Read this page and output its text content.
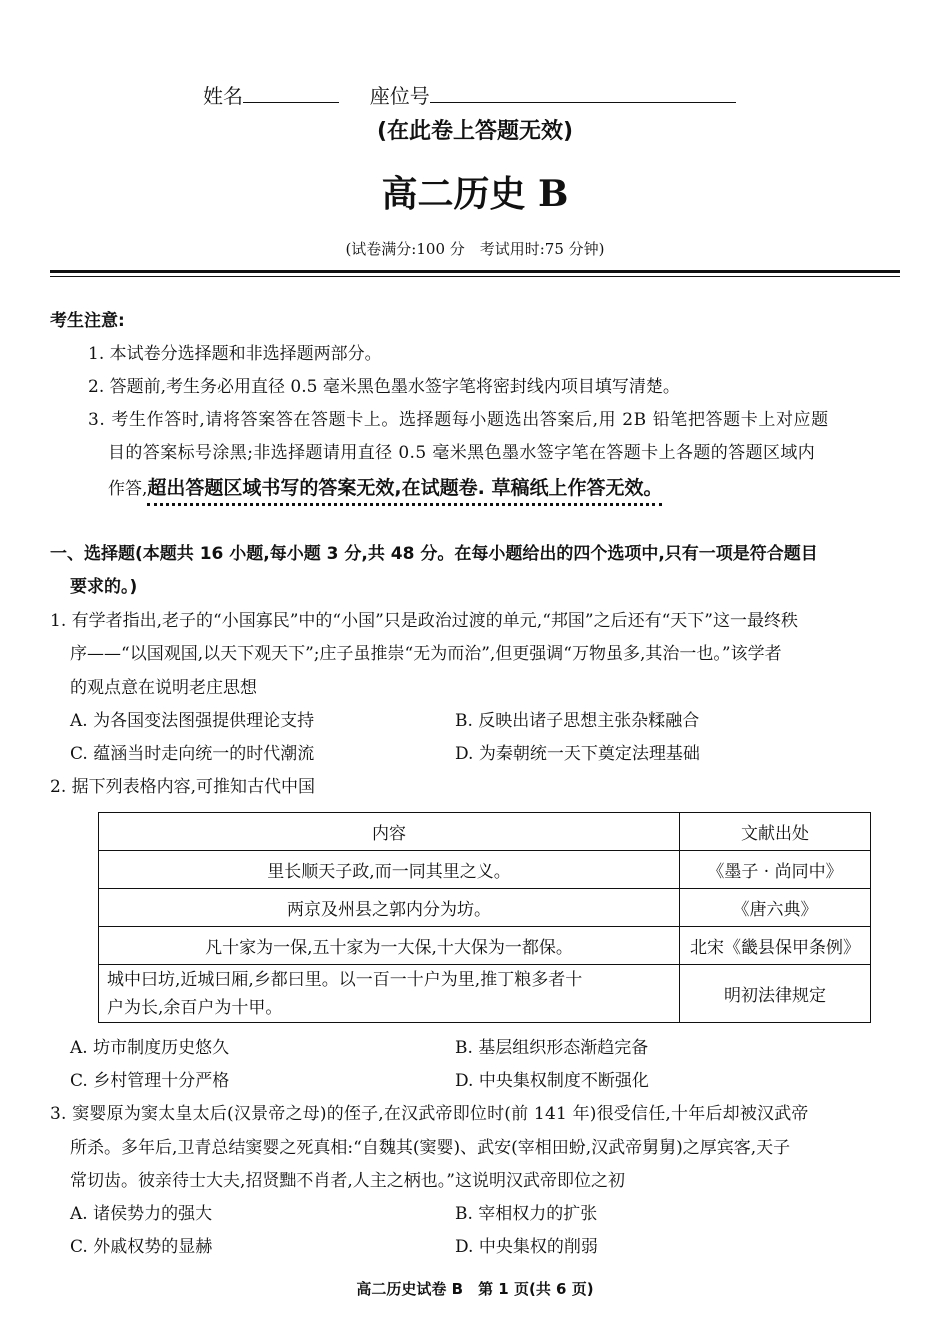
姓名	座位号
(在此卷上答题无效)
高二历史 B
(试卷满分:100 分　考试用时:75 分钟)
考生注意:
1. 本试卷分选择题和非选择题两部分。
2. 答题前,考生务必用直径 0.5 毫米黑色墨水签字笔将密封线内项目填写清楚。
3. 考生作答时,请将答案答在答题卡上。选择题每小题选出答案后,用 2B 铅笔把答题卡上对应题
目的答案标号涂黑;非选择题请用直径 0.5 毫米黑色墨水签字笔在答题卡上各题的答题区域内
作答,超出答题区域书写的答案无效,在试题卷. 草稿纸上作答无效。
一、选择题(本题共 16 小题,每小题 3 分,共 48 分。在每小题给出的四个选项中,只有一项是符合题目
要求的。)
1. 有学者指出,老子的“小国寡民”中的“小国”只是政治过渡的单元,“邦国”之后还有“天下”这一最终秩
序——“以国观国,以天下观天下”;庄子虽推崇“无为而治”,但更强调“万物虽多,其治一也。”该学者
的观点意在说明老庄思想
A. 为各国变法图强提供理论支持	B. 反映出诸子思想主张杂糅融合
C. 蕴涵当时走向统一的时代潮流	D. 为秦朝统一天下奠定法理基础
2. 据下列表格内容,可推知古代中国
内容	文献出处
里长顺天子政,而一同其里之义。	《墨子 · 尚同中》
两京及州县之郭内分为坊。	《唐六典》
凡十家为一保,五十家为一大保,十大保为一都保。	北宋《畿县保甲条例》

城中曰坊,近城曰厢,乡都曰里。以一百一十户为里,推丁粮多者十
户为长,余百户为十甲。	明初法律规定
A. 坊市制度历史悠久	B. 基层组织形态渐趋完备
C. 乡村管理十分严格	D. 中央集权制度不断强化
3. 窦婴原为窦太皇太后(汉景帝之母)的侄子,在汉武帝即位时(前 141 年)很受信任,十年后却被汉武帝
所杀。多年后,卫青总结窦婴之死真相:“自魏其(窦婴)、武安(宰相田蚡,汉武帝舅舅)之厚宾客,天子
常切齿。彼亲待士大夫,招贤黜不肖者,人主之柄也。”这说明汉武帝即位之初
A. 诸侯势力的强大	B. 宰相权力的扩张
C. 外戚权势的显赫	D. 中央集权的削弱
高二历史试卷 B　第 1 页(共 6 页)
